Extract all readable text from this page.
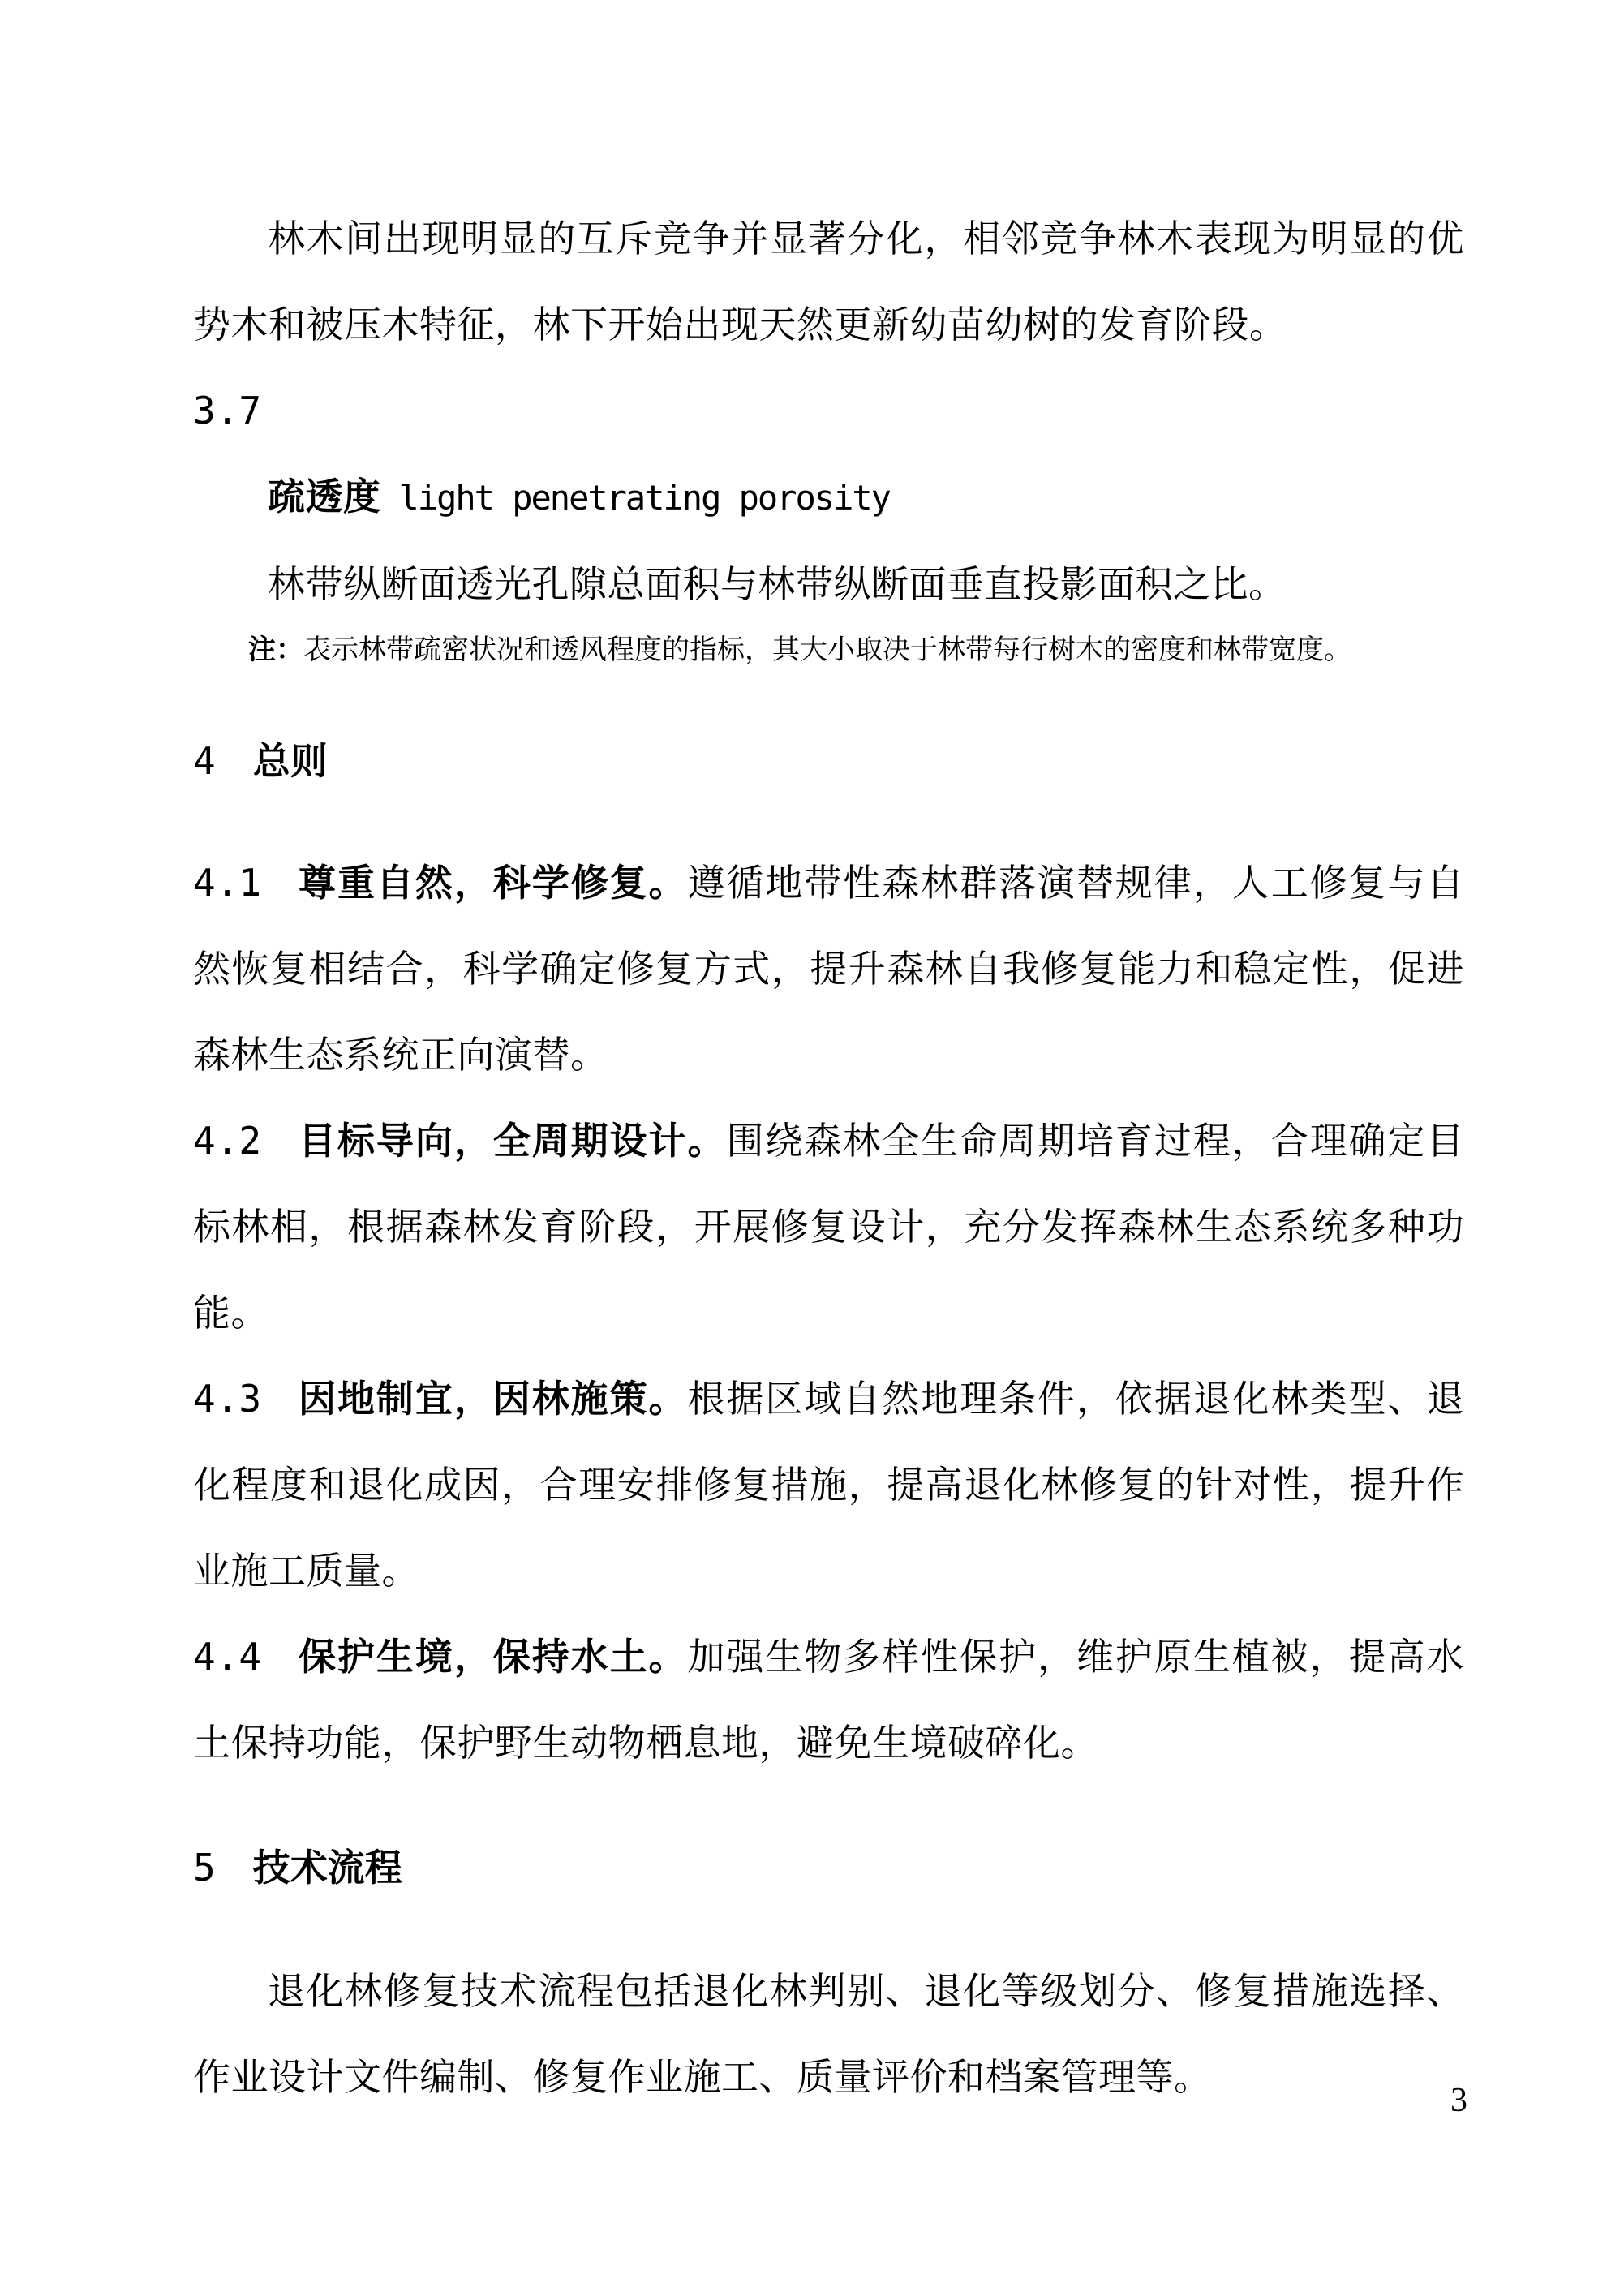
林木间出现明显的互斥竞争并显著分化，相邻竞争林木表现为明显的优势木和被压木特征，林下开始出现天然更新幼苗幼树的发育阶段。

3.7

疏透度 light penetrating porosity

林带纵断面透光孔隙总面积与林带纵断面垂直投影面积之比。

注：表示林带疏密状况和透风程度的指标，其大小取决于林带每行树木的密度和林带宽度。

4 总则

4.1 尊重自然，科学修复。遵循地带性森林群落演替规律，人工修复与自然恢复相结合，科学确定修复方式，提升森林自我修复能力和稳定性，促进森林生态系统正向演替。

4.2 目标导向，全周期设计。围绕森林全生命周期培育过程，合理确定目标林相，根据森林发育阶段，开展修复设计，充分发挥森林生态系统多种功能。

4.3 因地制宜，因林施策。根据区域自然地理条件，依据退化林类型、退化程度和退化成因，合理安排修复措施，提高退化林修复的针对性，提升作业施工质量。

4.4 保护生境，保持水土。加强生物多样性保护，维护原生植被，提高水土保持功能，保护野生动物栖息地，避免生境破碎化。

5 技术流程

退化林修复技术流程包括退化林判别、退化等级划分、修复措施选择、作业设计文件编制、修复作业施工、质量评价和档案管理等。

3
